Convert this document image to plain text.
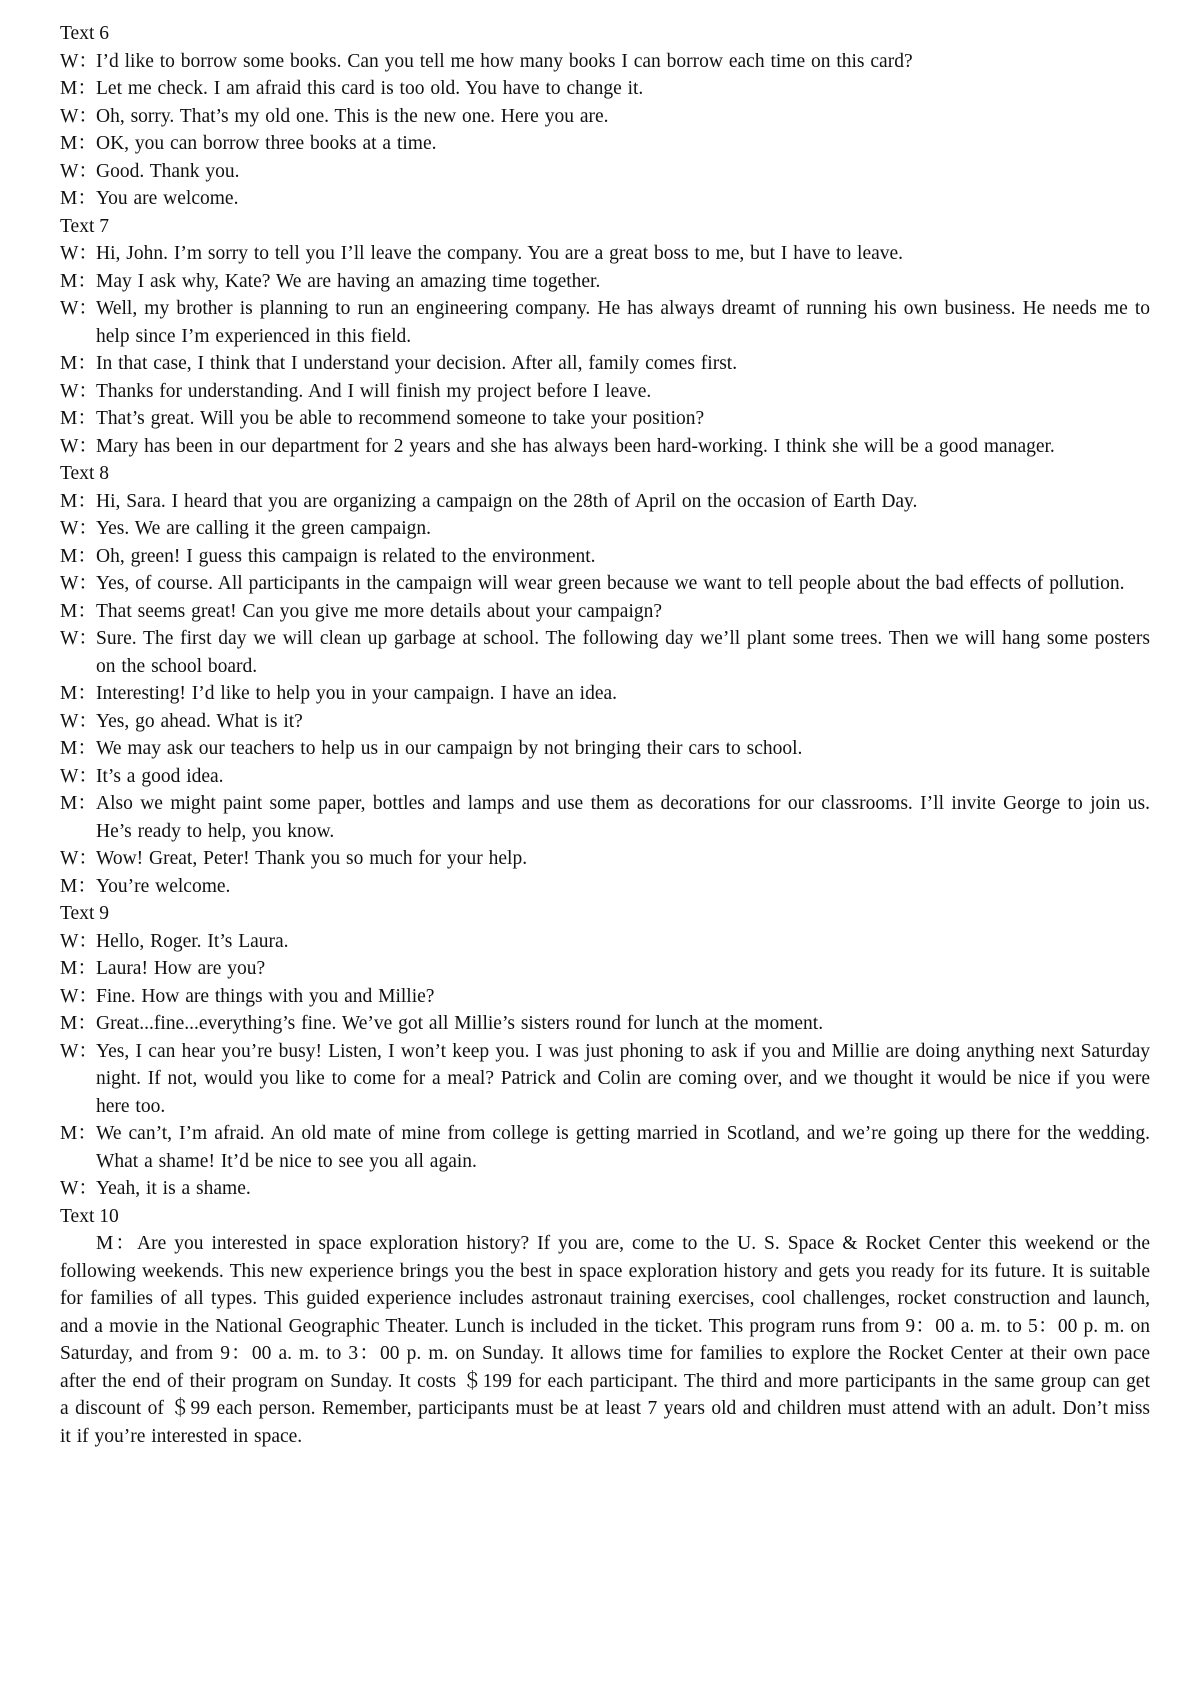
Text 6

W：I’d like to borrow some books. Can you tell me how many books I can borrow each time on this card?

M：Let me check. I am afraid this card is too old. You have to change it.

W：Oh, sorry. That’s my old one. This is the new one. Here you are.

M：OK, you can borrow three books at a time.

W：Good. Thank you.

M：You are welcome.

Text 7

W：Hi, John. I’m sorry to tell you I’ll leave the company. You are a great boss to me, but I have to leave.

M：May I ask why, Kate? We are having an amazing time together.

W：Well, my brother is planning to run an engineering company. He has always dreamt of running his own business. He needs me to help since I’m experienced in this field.

M：In that case, I think that I understand your decision. After all, family comes first.

W：Thanks for understanding. And I will finish my project before I leave.

M：That’s great. Will you be able to recommend someone to take your position?

W：Mary has been in our department for 2 years and she has always been hard-working. I think she will be a good manager.

Text 8

M：Hi, Sara. I heard that you are organizing a campaign on the 28th of April on the occasion of Earth Day.

W：Yes. We are calling it the green campaign.

M：Oh, green! I guess this campaign is related to the environment.

W：Yes, of course. All participants in the campaign will wear green because we want to tell people about the bad effects of pollution.

M：That seems great! Can you give me more details about your campaign?

W：Sure. The first day we will clean up garbage at school. The following day we’ll plant some trees. Then we will hang some posters on the school board.

M：Interesting! I’d like to help you in your campaign. I have an idea.

W：Yes, go ahead. What is it?

M：We may ask our teachers to help us in our campaign by not bringing their cars to school.

W：It’s a good idea.

M：Also we might paint some paper, bottles and lamps and use them as decorations for our classrooms. I’ll invite George to join us. He’s ready to help, you know.

W：Wow! Great, Peter! Thank you so much for your help.

M：You’re welcome.

Text 9

W：Hello, Roger. It’s Laura.

M：Laura! How are you?

W：Fine. How are things with you and Millie?

M：Great...fine...everything’s fine. We’ve got all Millie’s sisters round for lunch at the moment.

W：Yes, I can hear you’re busy! Listen, I won’t keep you. I was just phoning to ask if you and Millie are doing anything next Saturday night. If not, would you like to come for a meal? Patrick and Colin are coming over, and we thought it would be nice if you were here too.

M：We can’t, I’m afraid. An old mate of mine from college is getting married in Scotland, and we’re going up there for the wedding. What a shame! It’d be nice to see you all again.

W：Yeah, it is a shame.

Text 10

M：Are you interested in space exploration history? If you are, come to the U. S. Space & Rocket Center this weekend or the following weekends. This new experience brings you the best in space exploration history and gets you ready for its future. It is suitable for families of all types. This guided experience includes astronaut training exercises, cool challenges, rocket construction and launch, and a movie in the National Geographic Theater. Lunch is included in the ticket. This program runs from 9：00 a. m. to 5：00 p. m. on Saturday, and from 9：00 a. m. to 3：00 p. m. on Sunday. It allows time for families to explore the Rocket Center at their own pace after the end of their program on Sunday. It costs ＄199 for each participant. The third and more participants in the same group can get a discount of ＄99 each person. Remember, participants must be at least 7 years old and children must attend with an adult. Don’t miss it if you’re interested in space.
